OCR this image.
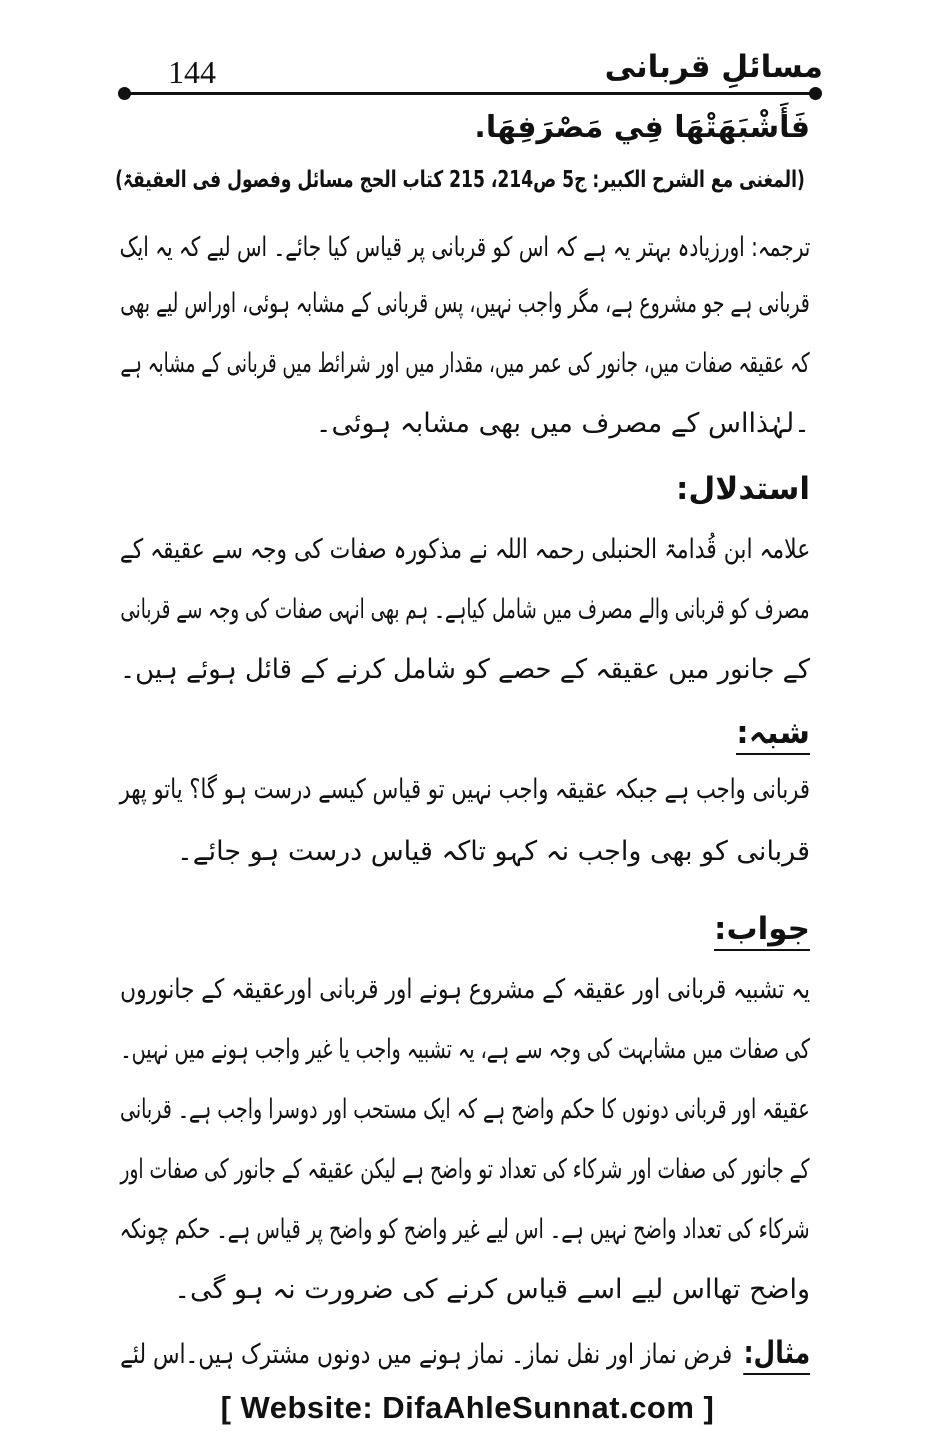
مسائلِ قربانی
144
فَأَشْبَهَتْهَا فِي مَصْرَفِهَا.
(المغنی مع الشرح الکبیر: ج5 ص214، 215 کتاب الحج مسائل وفصول فی العقیقۃ)
ترجمہ: اورزیادہ بہتر یہ ہے کہ اس کو قربانی پر قیاس کیا جائے۔ اس لیے کہ یہ ایک
قربانی ہے جو مشروع ہے، مگر واجب نہیں، پس قربانی کے مشابہ ہوئی، اوراس لیے بھی
کہ عقیقہ صفات میں، جانور کی عمر میں، مقدار میں اور شرائط میں قربانی کے مشابہ ہے
۔لہٰذااس کے مصرف میں بھی مشابہ ہوئی۔
استدلال:
علامہ ابن قُدامۃ الحنبلی رحمہ اللہ نے مذکورہ صفات کی وجہ سے عقیقہ کے
مصرف کو قربانی والے مصرف میں شامل کیاہے۔ ہم بھی انہی صفات کی وجہ سے قربانی
کے جانور میں عقیقہ کے حصے کو شامل کرنے کے قائل ہوئے ہیں۔
شبہ:
قربانی واجب ہے جبکہ عقیقہ واجب نہیں تو قیاس کیسے درست ہو گا؟ یاتو پھر
قربانی کو بھی واجب نہ کہو تاکہ قیاس درست ہو جائے۔
جواب:
یہ تشبیہ قربانی اور عقیقہ کے مشروع ہونے اور قربانی اورعقیقہ کے جانوروں
کی صفات میں مشابہت کی وجہ سے ہے، یہ تشبیہ واجب یا غیر واجب ہونے میں نہیں۔
عقیقہ اور قربانی دونوں کا حکم واضح ہے کہ ایک مستحب اور دوسرا واجب ہے۔ قربانی
کے جانور کی صفات اور شرکاء کی تعداد تو واضح ہے لیکن عقیقہ کے جانور کی صفات اور
شرکاء کی تعداد واضح نہیں ہے۔ اس لیے غیر واضح کو واضح پر قیاس ہے۔ حکم چونکہ
واضح تھااس لیے اسے قیاس کرنے کی ضرورت نہ ہو گی۔
مثال:فرض نماز اور نفل نماز۔ نماز ہونے میں دونوں مشترک ہیں۔اس لئے
[ Website: DifaAhleSunnat.com ]
